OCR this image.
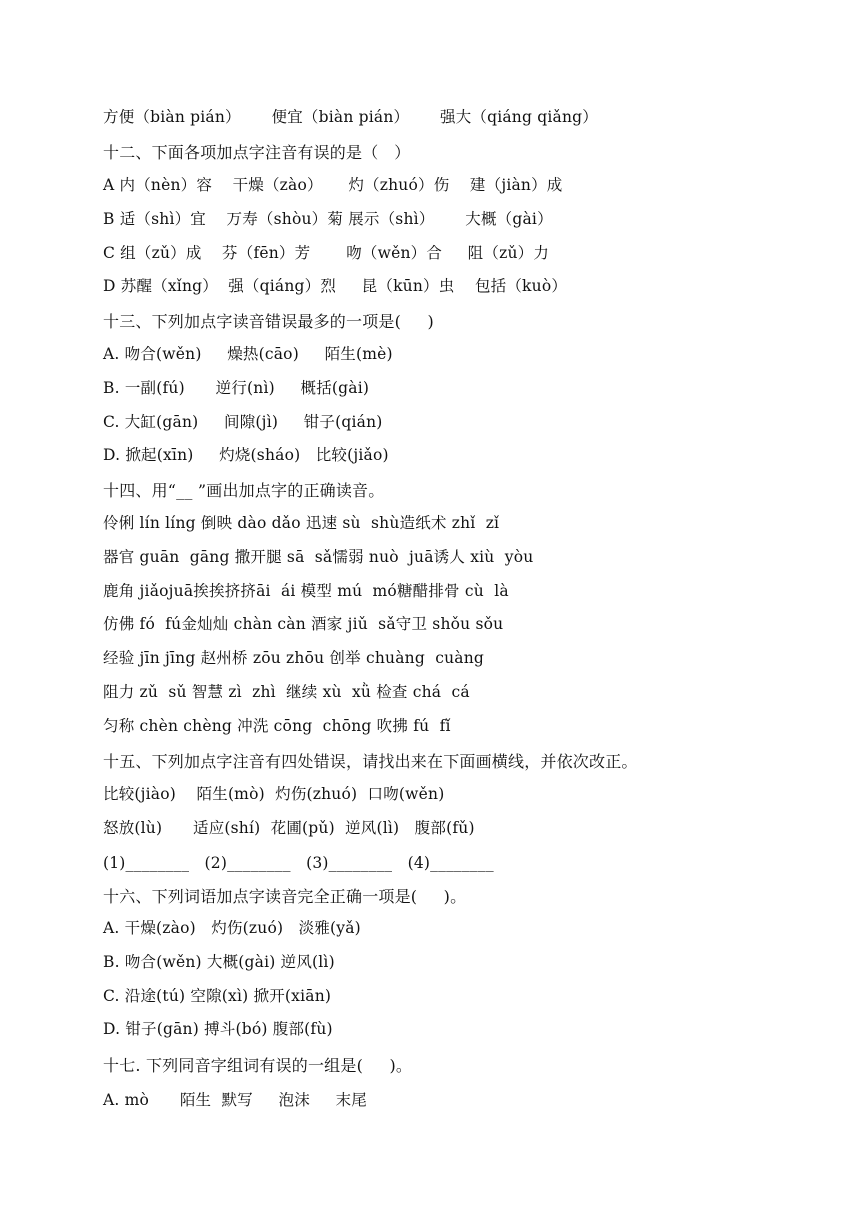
方便（biàn pián）      便宜（biàn pián）      强大（qiáng qiǎng）
十二、下面各项加点字注音有误的是（   ）
A 内（nèn）容    干燥（zào）     灼（zhuó）伤    建（jiàn）成
B 适（shì）宜    万寿（shòu）菊 展示（shì）      大概（gài）
C 组（zǔ）成    芬（fēn）芳       吻（wěn）合     阻（zǔ）力
D 苏醒（xǐng）  强（qiáng）烈     昆（kūn）虫    包括（kuò）
十三、下列加点字读音错误最多的一项是(     )
A. 吻合(wěn)     燥热(cāo)     陌生(mè)
B. 一副(fú)      逆行(nì)     概括(gài)
C. 大缸(gān)     间隙(jì)     钳子(qián)
D. 掀起(xīn)     灼烧(sháo)   比较(jiǎo)
十四、用“__ ”画出加点字的正确读音。
伶俐 lín líng 倒映 dào dǎo 迅速 sù  shù造纸术 zhǐ  zǐ
器官 guān  gāng 撒开腿 sā  sǎ懦弱 nuò  juā诱人 xiù  yòu
鹿角 jiǎojuā挨挨挤挤āi  ái 模型 mú  mó糖醋排骨 cù  là
仿佛 fó  fú金灿灿 chàn càn 酒家 jiǔ  sǎ守卫 shǒu sǒu
经验 jīn jīng 赵州桥 zōu zhōu 创举 chuàng  cuàng
阻力 zǔ  sǔ 智慧 zì  zhì  继续 xù  xǜ 检查 chá  cá
匀称 chèn chèng 冲洗 cōng  chōng 吹拂 fú  fǐ
十五、下列加点字注音有四处错误，请找出来在下面画横线，并依次改正。
比较(jiào)    陌生(mò)  灼伤(zhuó)  口吻(wěn)
怒放(lù)      适应(shí)  花圃(pǔ)  逆风(lì)   腹部(fǔ)
(1)________   (2)________   (3)________   (4)________
十六、下列词语加点字读音完全正确一项是(     )。
A. 干燥(zào)   灼伤(zuó)   淡雅(yǎ)
B. 吻合(wěn) 大概(gài) 逆风(lì)
C. 沿途(tú) 空隙(xì) 掀开(xiān)
D. 钳子(gān) 搏斗(bó) 腹部(fù)
十七. 下列同音字组词有误的一组是(     )。
A. mò      陌生  默写     泡沫     末尾
